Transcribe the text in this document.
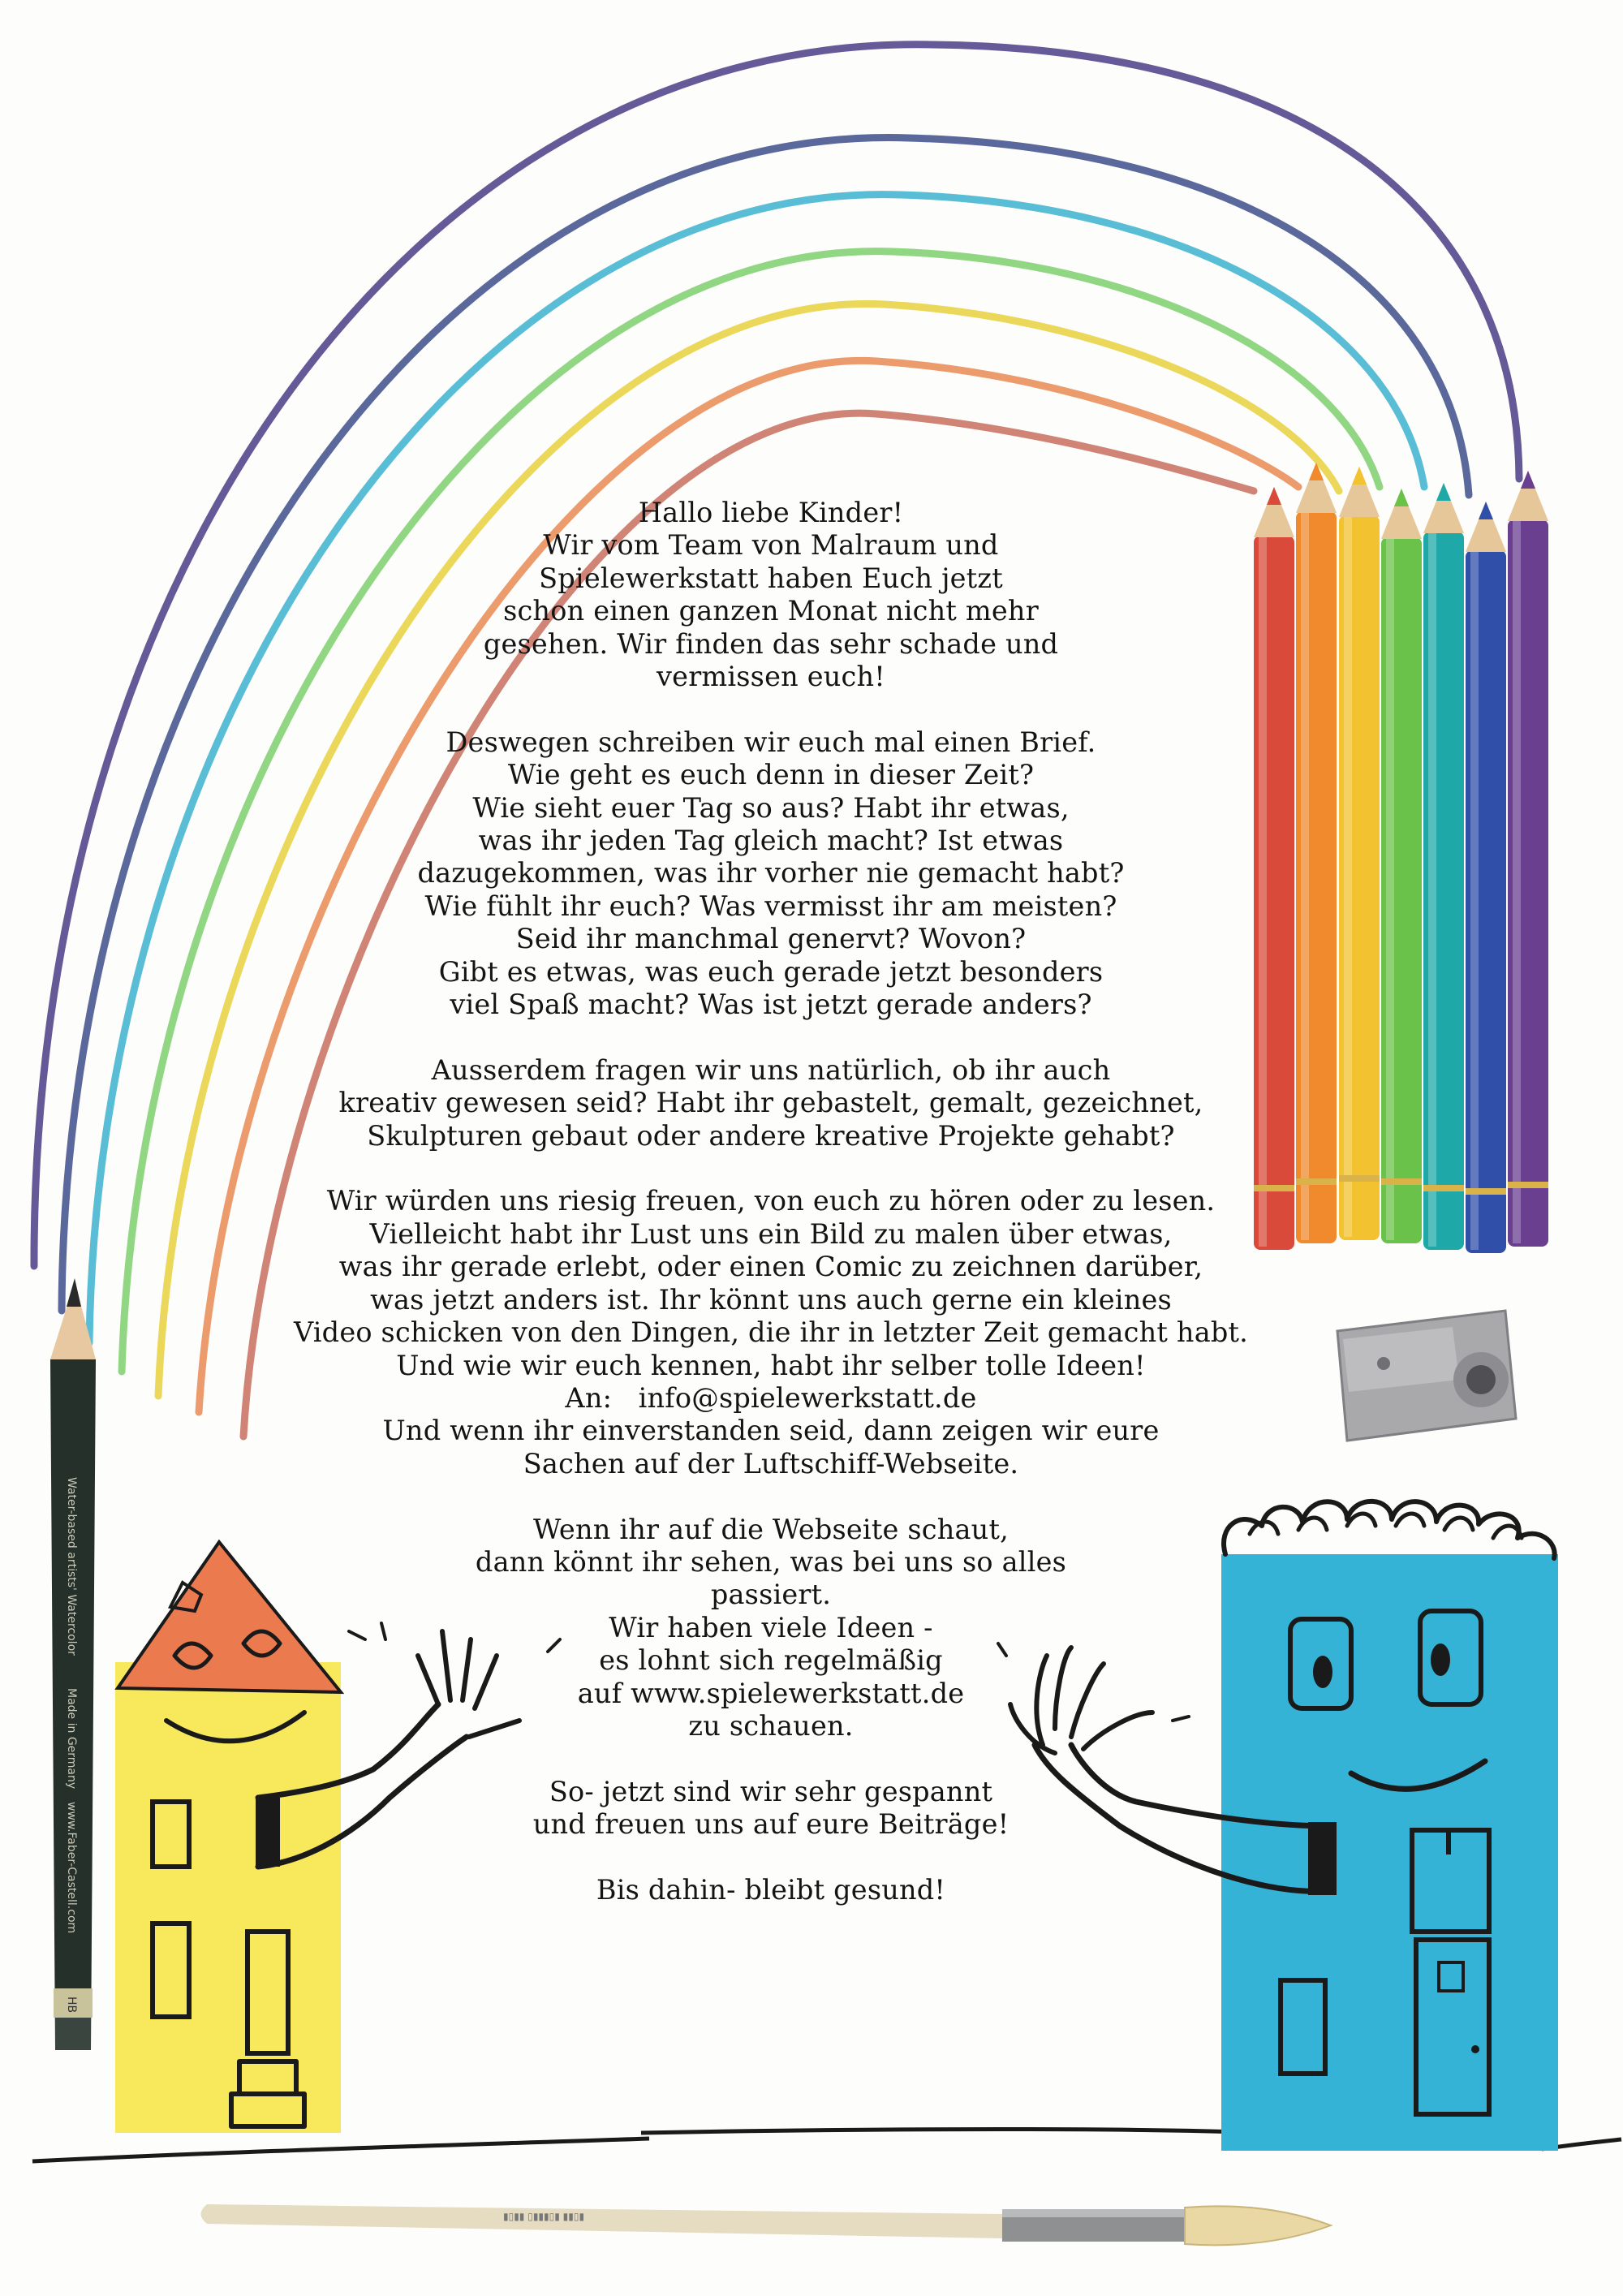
Water-based artists' Watercolor
Made in Germany
www.Faber-Castell.com
HB
▮▯▮▮ ▯▮▮▮▯▮ ▮▮▯▮
Hallo liebe Kinder!
Wir vom Team von Malraum und
Spielewerkstatt haben Euch jetzt
schon einen ganzen Monat nicht mehr
gesehen. Wir finden das sehr schade und
vermissen euch!
Deswegen schreiben wir euch mal einen Brief.
Wie geht es euch denn in dieser Zeit?
Wie sieht euer Tag so aus? Habt ihr etwas,
was ihr jeden Tag gleich macht? Ist etwas
dazugekommen, was ihr vorher nie gemacht habt?
Wie fühlt ihr euch? Was vermisst ihr am meisten?
Seid ihr manchmal genervt? Wovon?
Gibt es etwas, was euch gerade jetzt besonders
viel Spaß macht? Was ist jetzt gerade anders?
Ausserdem fragen wir uns natürlich, ob ihr auch
kreativ gewesen seid? Habt ihr gebastelt, gemalt, gezeichnet,
Skulpturen gebaut oder andere kreative Projekte gehabt?
Wir würden uns riesig freuen, von euch zu hören oder zu lesen.
Vielleicht habt ihr Lust uns ein Bild zu malen über etwas,
was ihr gerade erlebt, oder einen Comic zu zeichnen darüber,
was jetzt anders ist. Ihr könnt uns auch gerne ein kleines
Video schicken von den Dingen, die ihr in letzter Zeit gemacht habt.
Und wie wir euch kennen, habt ihr selber tolle Ideen!
An:   info@spielewerkstatt.de
Und wenn ihr einverstanden seid, dann zeigen wir eure
Sachen auf der Luftschiff-Webseite.
Wenn ihr auf die Webseite schaut,
dann könnt ihr sehen, was bei uns so alles
passiert.
Wir haben viele Ideen -
es lohnt sich regelmäßig
auf www.spielewerkstatt.de
zu schauen.
So- jetzt sind wir sehr gespannt
und freuen uns auf eure Beiträge!
Bis dahin- bleibt gesund!
